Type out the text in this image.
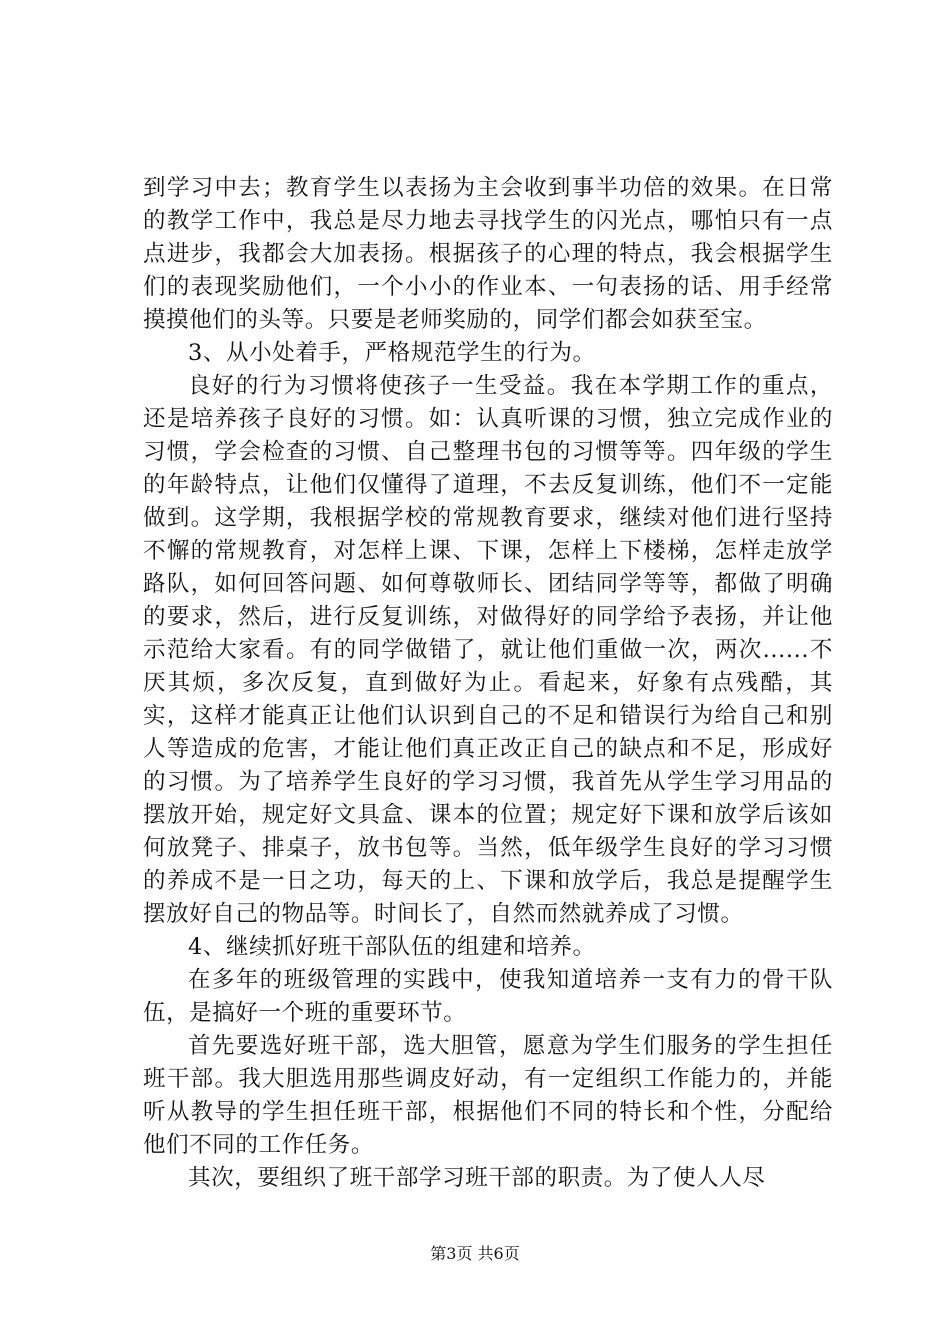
到学习中去；教育学生以表扬为主会收到事半功倍的效果。在日常的教学工作中，我总是尽力地去寻找学生的闪光点，哪怕只有一点点进步，我都会大加表扬。根据孩子的心理的特点，我会根据学生们的表现奖励他们，一个小小的作业本、一句表扬的话、用手经常摸摸他们的头等。只要是老师奖励的，同学们都会如获至宝。

3、从小处着手，严格规范学生的行为。

良好的行为习惯将使孩子一生受益。我在本学期工作的重点，还是培养孩子良好的习惯。如：认真听课的习惯，独立完成作业的习惯，学会检查的习惯、自己整理书包的习惯等等。四年级的学生的年龄特点，让他们仅懂得了道理，不去反复训练，他们不一定能做到。这学期，我根据学校的常规教育要求，继续对他们进行坚持不懈的常规教育，对怎样上课、下课，怎样上下楼梯，怎样走放学路队，如何回答问题、如何尊敬师长、团结同学等等，都做了明确的要求，然后，进行反复训练，对做得好的同学给予表扬，并让他示范给大家看。有的同学做错了，就让他们重做一次，两次......不厌其烦，多次反复，直到做好为止。看起来，好象有点残酷，其实，这样才能真正让他们认识到自己的不足和错误行为给自己和别人等造成的危害，才能让他们真正改正自己的缺点和不足，形成好的习惯。为了培养学生良好的学习习惯，我首先从学生学习用品的摆放开始，规定好文具盒、课本的位置；规定好下课和放学后该如何放凳子、排桌子，放书包等。当然，低年级学生良好的学习习惯的养成不是一日之功，每天的上、下课和放学后，我总是提醒学生摆放好自己的物品等。时间长了，自然而然就养成了习惯。

4、继续抓好班干部队伍的组建和培养。

在多年的班级管理的实践中，使我知道培养一支有力的骨干队伍，是搞好一个班的重要环节。

首先要选好班干部，选大胆管，愿意为学生们服务的学生担任班干部。我大胆选用那些调皮好动，有一定组织工作能力的，并能听从教导的学生担任班干部，根据他们不同的特长和个性，分配给他们不同的工作任务。

其次，要组织了班干部学习班干部的职责。为了使人人尽

第3页 共6页
